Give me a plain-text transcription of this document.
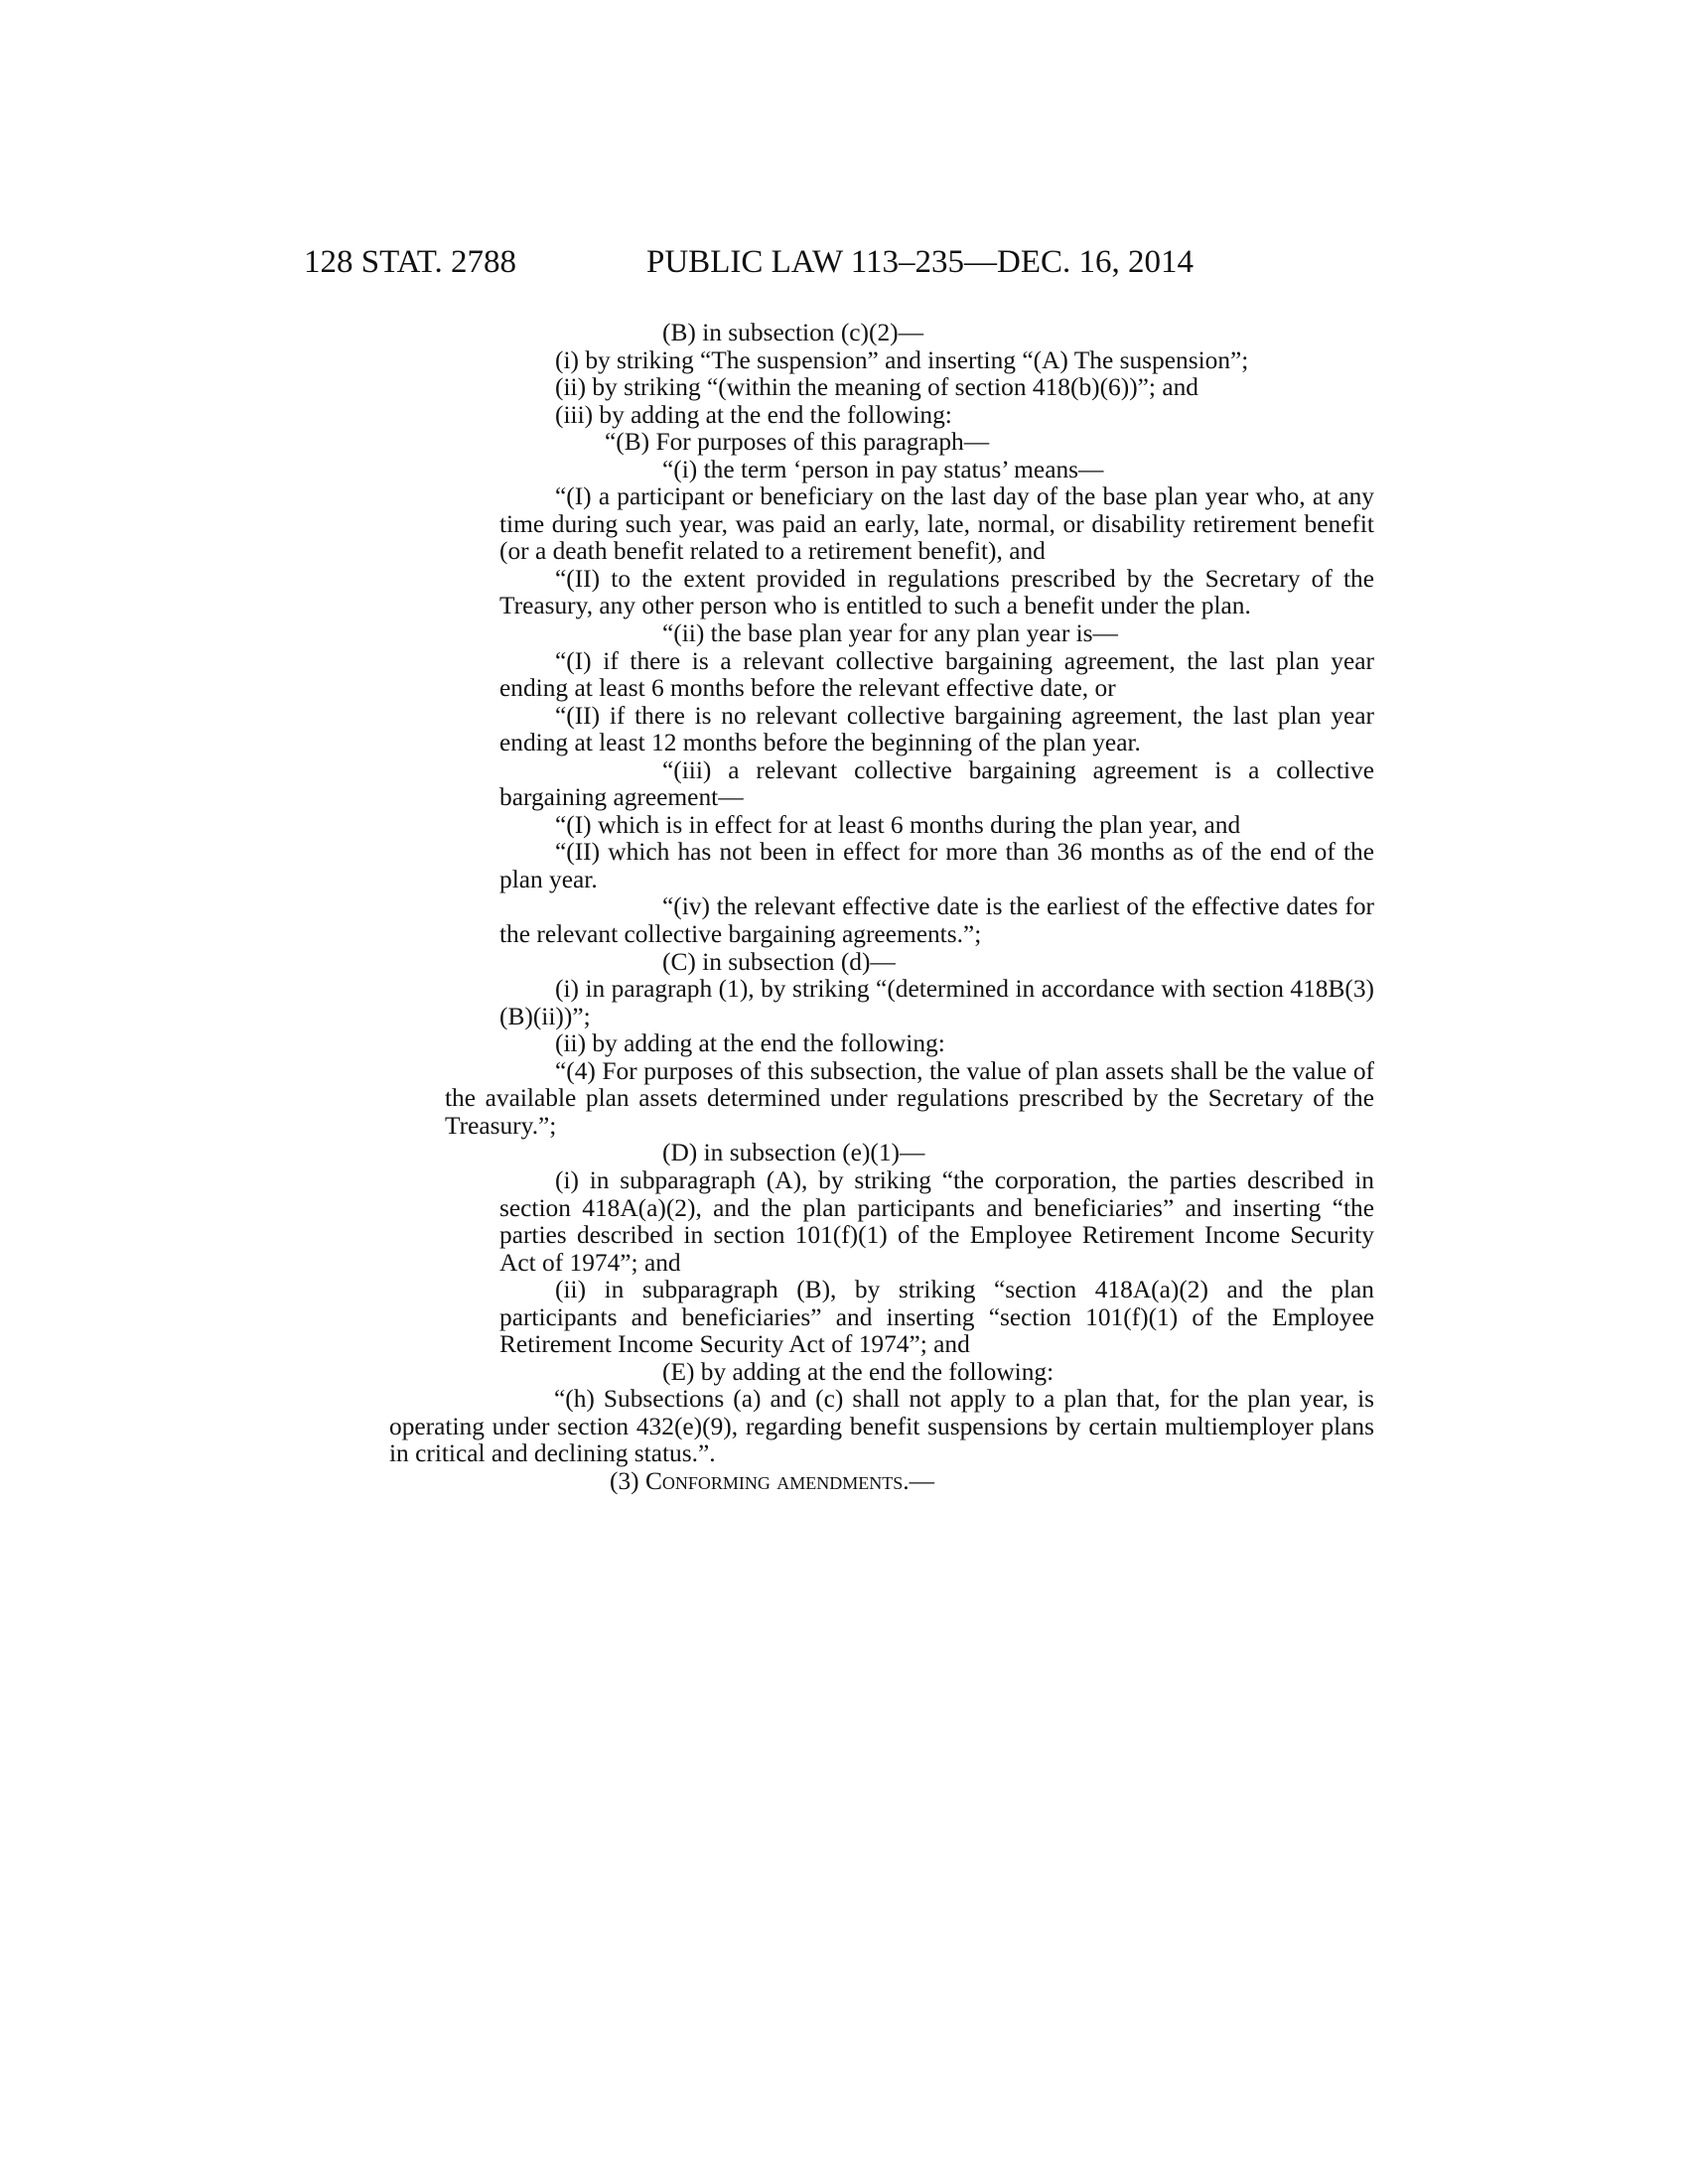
128 STAT. 2788	PUBLIC LAW 113–235—DEC. 16, 2014

(B) in subsection (c)(2)—

(i) by striking “The suspension” and inserting “(A) The suspension”;

(ii) by striking “(within the meaning of section 418(b)(6))”; and

(iii) by adding at the end the following:

“(B) For purposes of this paragraph—

“(i) the term ‘person in pay status’ means—

“(I) a participant or beneficiary on the last day of the base plan year who, at any time during such year, was paid an early, late, normal, or disability retirement benefit (or a death benefit related to a retirement benefit), and

“(II) to the extent provided in regulations prescribed by the Secretary of the Treasury, any other person who is entitled to such a benefit under the plan.

“(ii) the base plan year for any plan year is—

“(I) if there is a relevant collective bargaining agreement, the last plan year ending at least 6 months before the relevant effective date, or

“(II) if there is no relevant collective bargaining agreement, the last plan year ending at least 12 months before the beginning of the plan year.

“(iii) a relevant collective bargaining agreement is a collective bargaining agreement—

“(I) which is in effect for at least 6 months during the plan year, and

“(II) which has not been in effect for more than 36 months as of the end of the plan year.

“(iv) the relevant effective date is the earliest of the effective dates for the relevant collective bargaining agreements.”;

(C) in subsection (d)—

(i) in paragraph (1), by striking “(determined in accordance with section 418B(3)(B)(ii))”;

(ii) by adding at the end the following:

“(4) For purposes of this subsection, the value of plan assets shall be the value of the available plan assets determined under regulations prescribed by the Secretary of the Treasury.”;

(D) in subsection (e)(1)—

(i) in subparagraph (A), by striking “the corporation, the parties described in section 418A(a)(2), and the plan participants and beneficiaries” and inserting “the parties described in section 101(f)(1) of the Employee Retirement Income Security Act of 1974”; and

(ii) in subparagraph (B), by striking “section 418A(a)(2) and the plan participants and beneficiaries” and inserting “section 101(f)(1) of the Employee Retirement Income Security Act of 1974”; and

(E) by adding at the end the following:

“(h) Subsections (a) and (c) shall not apply to a plan that, for the plan year, is operating under section 432(e)(9), regarding benefit suspensions by certain multiemployer plans in critical and declining status.”.

(3) Conforming amendments.—
